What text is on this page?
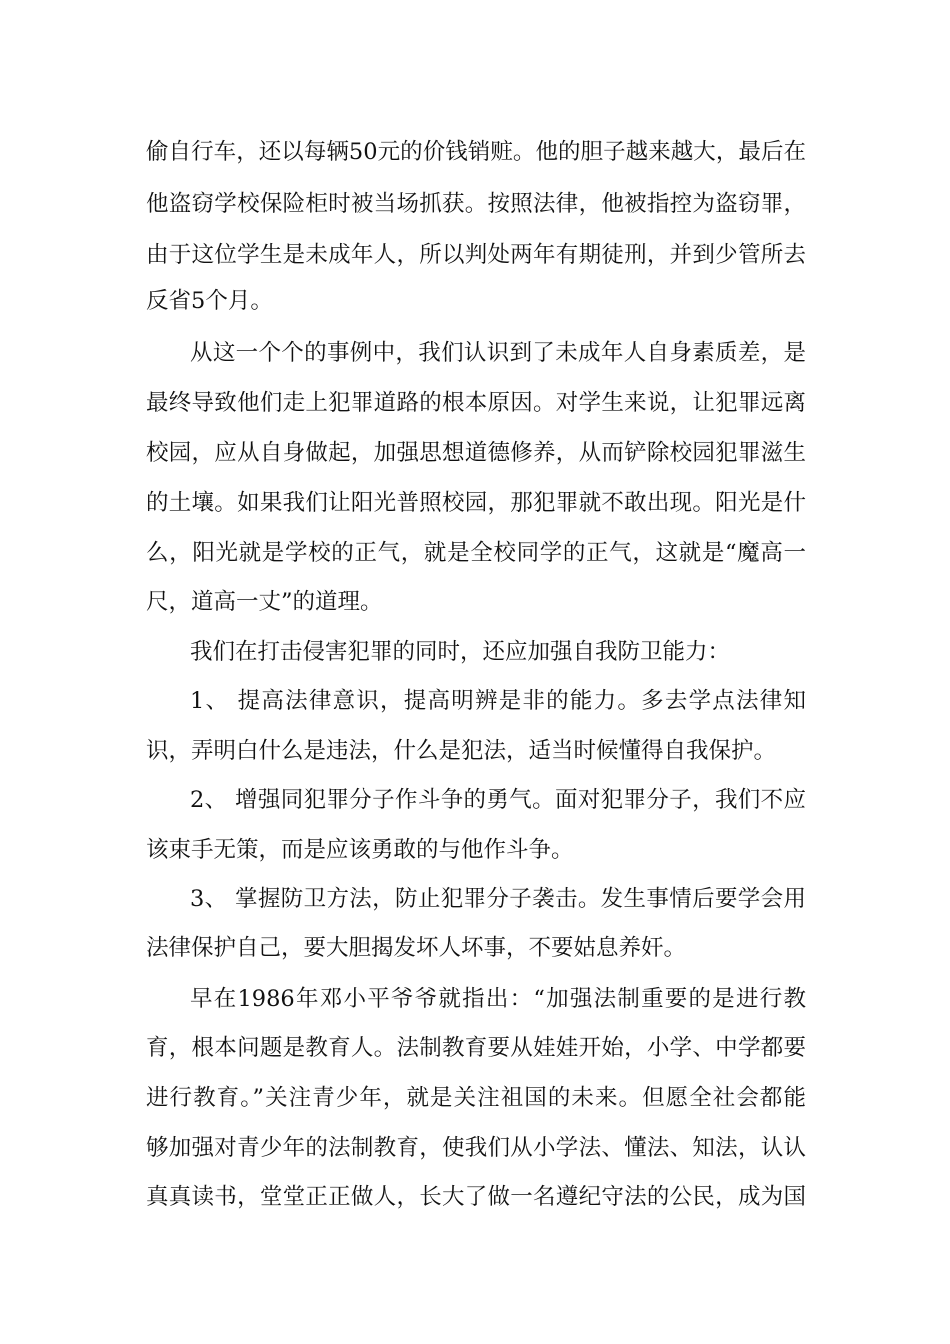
偷自行车，还以每辆50元的价钱销赃。他的胆子越来越大，最后在
他盗窃学校保险柜时被当场抓获。按照法律，他被指控为盗窃罪，
由于这位学生是未成年人，所以判处两年有期徒刑，并到少管所去
反省5个月。
从这一个个的事例中，我们认识到了未成年人自身素质差，是
最终导致他们走上犯罪道路的根本原因。对学生来说，让犯罪远离
校园，应从自身做起，加强思想道德修养，从而铲除校园犯罪滋生
的土壤。如果我们让阳光普照校园，那犯罪就不敢出现。阳光是什
么，阳光就是学校的正气，就是全校同学的正气，这就是“魔高一
尺，道高一丈”的道理。
我们在打击侵害犯罪的同时，还应加强自我防卫能力：
1、 提高法律意识，提高明辨是非的能力。多去学点法律知
识，弄明白什么是违法，什么是犯法，适当时候懂得自我保护。
2、 增强同犯罪分子作斗争的勇气。面对犯罪分子，我们不应
该束手无策，而是应该勇敢的与他作斗争。
3、 掌握防卫方法，防止犯罪分子袭击。发生事情后要学会用
法律保护自己，要大胆揭发坏人坏事，不要姑息养奸。
早在1986年邓小平爷爷就指出：“加强法制重要的是进行教
育，根本问题是教育人。法制教育要从娃娃开始，小学、中学都要
进行教育。”关注青少年，就是关注祖国的未来。但愿全社会都能
够加强对青少年的法制教育，使我们从小学法、懂法、知法，认认
真真读书，堂堂正正做人，长大了做一名遵纪守法的公民，成为国
